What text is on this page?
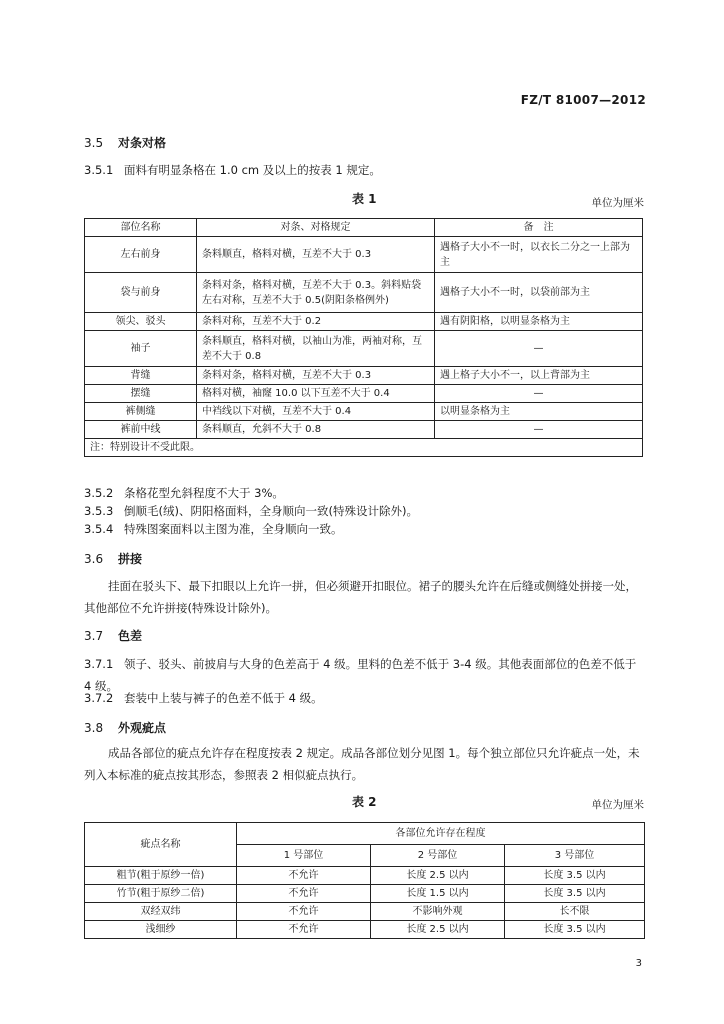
FZ/T 81007—2012
3.5 对条对格
3.5.1 面料有明显条格在 1.0 cm 及以上的按表 1 规定。
表 1	单位为厘米
部位名称	对条、对格规定	备　注
左右前身	条料顺直，格料对横，互差不大于 0.3	遇格子大小不一时，以衣长二分之一上部为主
袋与前身	条料对条，格料对横，互差不大于 0.3。斜料贴袋左右对称，互差不大于 0.5(阴阳条格例外)	遇格子大小不一时，以袋前部为主
领尖、驳头	条料对称，互差不大于 0.2	遇有阴阳格，以明显条格为主
袖子	条料顺直，格料对横，以袖山为准，两袖对称，互差不大于 0.8	—
背缝	条料对条，格料对横，互差不大于 0.3	遇上格子大小不一，以上背部为主
摆缝	格料对横，袖窿 10.0 以下互差不大于 0.4	—
裤侧缝	中裆线以下对横，互差不大于 0.4	以明显条格为主
裤前中线	条料顺直，允斜不大于 0.8	—
注：特别设计不受此限。		
3.5.2 条格花型允斜程度不大于 3%。
3.5.3 倒顺毛(绒)、阴阳格面料，全身顺向一致(特殊设计除外)。
3.5.4 特殊图案面料以主图为准，全身顺向一致。
3.6 拼接
挂面在驳头下、最下扣眼以上允许一拼，但必须避开扣眼位。裙子的腰头允许在后缝或侧缝处拼接一处，其他部位不允许拼接(特殊设计除外)。
3.7 色差
3.7.1 领子、驳头、前披肩与大身的色差高于 4 级。里料的色差不低于 3-4 级。其他表面部位的色差不低于 4 级。
3.7.2 套装中上装与裤子的色差不低于 4 级。
3.8 外观疵点
成品各部位的疵点允许存在程度按表 2 规定。成品各部位划分见图 1。每个独立部位只允许疵点一处，未列入本标准的疵点按其形态，参照表 2 相似疵点执行。
表 2	单位为厘米
疵点名称	各部位允许存在程度		
	1 号部位	2 号部位	3 号部位
粗节(粗于原纱一倍)	不允许	长度 2.5 以内	长度 3.5 以内
竹节(粗于原纱二倍)	不允许	长度 1.5 以内	长度 3.5 以内
双经双纬	不允许	不影响外观	长不限
浅细纱	不允许	长度 2.5 以内	长度 3.5 以内
3
